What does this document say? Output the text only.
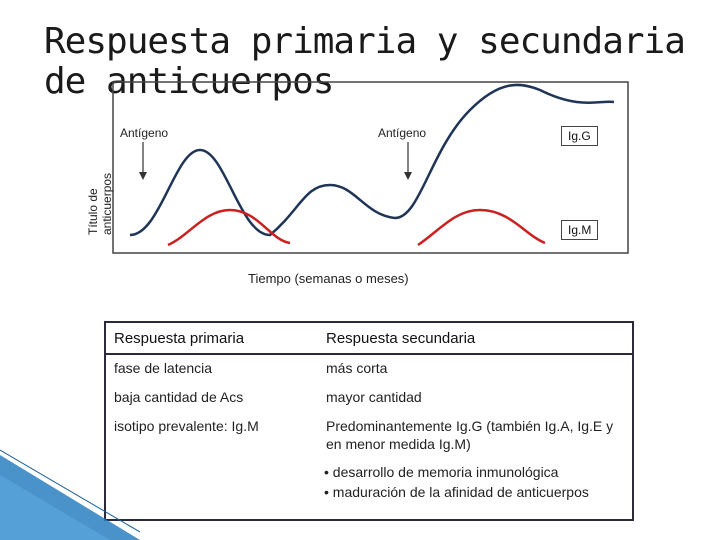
Respuesta primaria y secundaria
de anticuerpos
Título de anticuerpos
Tiempo (semanas o meses)
Antígeno	Antígeno	Ig.G
Ig.M
Respuesta primaria	Respuesta secundaria
fase de latencia	más corta
baja cantidad de Acs	mayor cantidad
isotipo prevalente: Ig.M	Predominantemente Ig.G (también Ig.A, Ig.E y en menor medida Ig.M)
• desarrollo de memoria inmunológica
• maduración de la afinidad de anticuerpos
